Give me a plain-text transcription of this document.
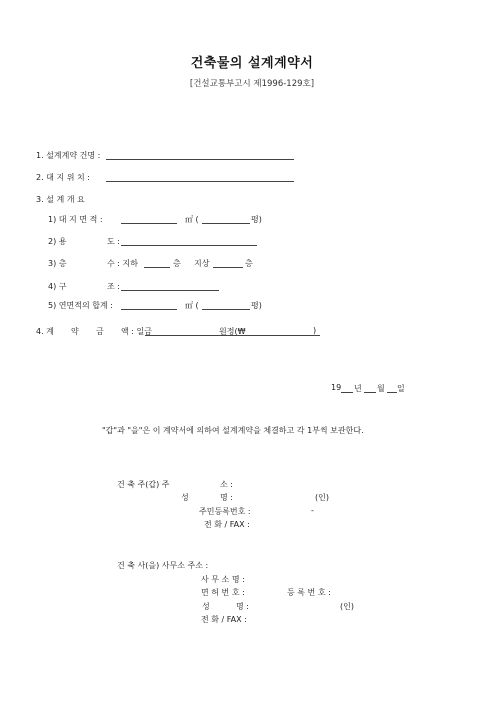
건축물의 설계계약서
[건설교통부고시 제1996-129호]
1. 설계계약 건명 :
2. 대 지 위 치 :
3. 설 계 개 요
1) 대 지 면 적 :	㎡ (	평)
2) 용	도 :
3) 층	수 : 지하	층 지상	층
4) 구	조 :
5) 연면적의 합계 :	㎡ (	평)
4. 계 약 금 액 : 일금	원정(₩	)
19 년 월 일
"갑"과 "을"은 이 계약서에 의하여 설계계약을 체결하고 각 1부씩 보관한다.
건 축 주(갑) 주	소 :
성	명 :	(인)
주민등록번호 :	-
전 화 / FAX :
건 축 사(을) 사무소 주소 :
사 무 소 명 :
면 허 번 호 :	등 록 번 호 :
성	명 :	(인)
전 화 / FAX :
